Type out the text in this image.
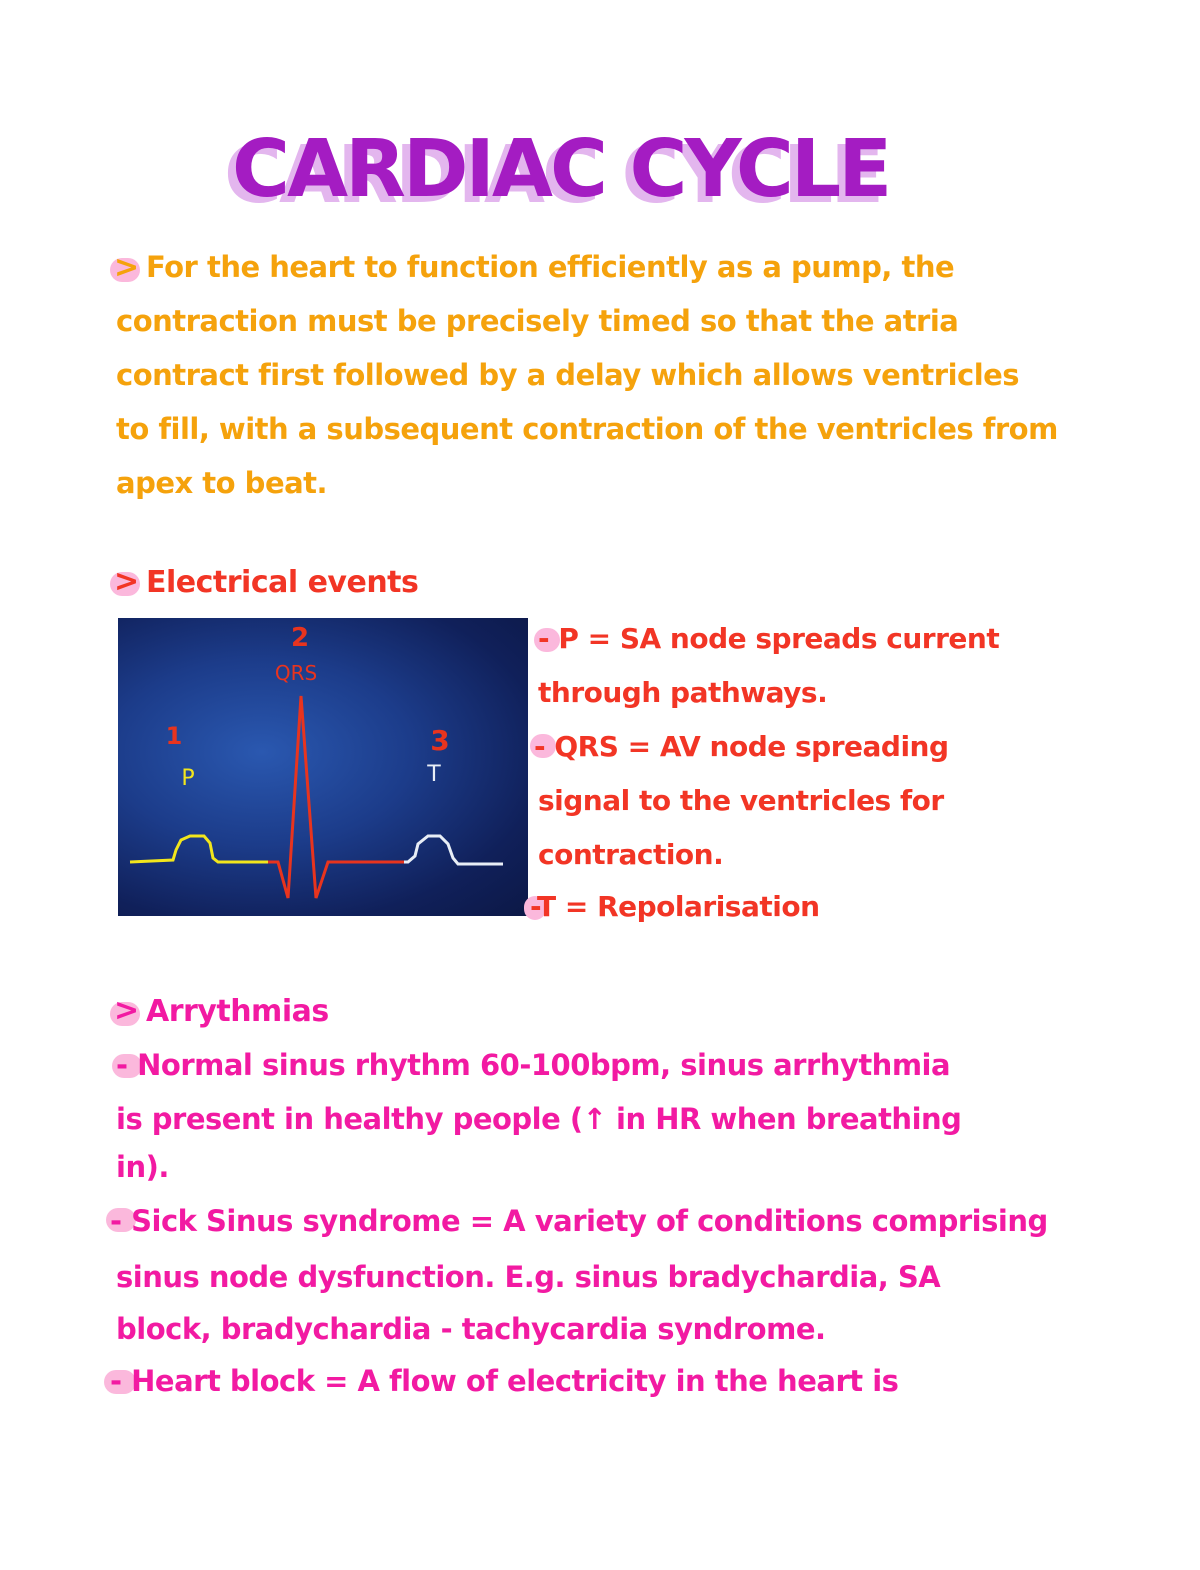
CARDIAC CYCLE
> For the heart to function efficiently as a pump, the

contraction must be precisely timed so that the atria

contract first followed by a delay which allows ventricles

to fill, with a subsequent contraction of the ventricles from

apex to beat.

> Electrical events

1
P
2
QRS
3
T

- P = SA node spreads current

through pathways.

- QRS = AV node spreading

signal to the ventricles for

contraction.

-T = Repolarisation

> Arrythmias

- Normal sinus rhythm 60-100bpm, sinus arrhythmia

is present in healthy people (↑ in HR when breathing

in).

- Sick Sinus syndrome = A variety of conditions comprising

sinus node dysfunction. E.g. sinus bradychardia, SA

block, bradychardia - tachycardia syndrome.

- Heart block = A flow of electricity in the heart is
